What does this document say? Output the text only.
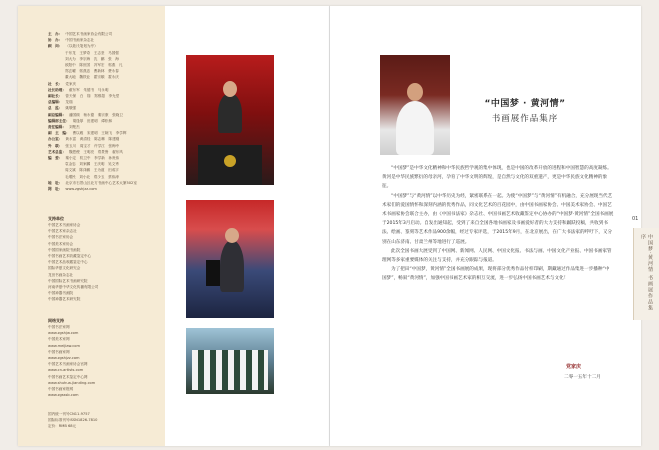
主　办： 中国艺术书画家协会有限公司
协　办： 中国书画家杂志社
顾　问： （以姓氏笔划为序）
于东龙　王梦奇　王志坚　马国强
刘大为　李宗海　沈　鹏　张　海
欧阳中　陈世国　冯军宏　郭燕　凡
郑玄曜　郭燕忠　曹新林　费永春
董大地　魏铁业　霍宗顺　霍永庆
社　长： 党家庆
社长助理： 翟东军　朱德书　马永明
副社长： 曾天保　白　翔　郑维超　李允堂
总编辑： 龙瑞
总　监： 姚敬强
副总编辑： 潘国顾　杨永德　秦宗康　张晓卫
编辑部主任： 胡逢厚　田建明　谭松林
责任编辑： 刘楚杰
副　主　编： 曹以雅　宋建明　王婉飞　李学辉
办公室： 黄永富　黄清桂　陈志琳　陈建刚
外　联： 张玉川　周宝才　许学江　张梅中
艺术总监： 魏恩俊　王明亮　郑景鲁　翟东风
编　委： 秦小定　杭卫中　李学新　孙贵伟
袁金忠　刘家麟　王庆明　吴文秀
周文斌　陈泽鹏　王为道　田成宇
毛增民　刘小北　郑少玉　蔡伟涛
地　址： 北京市石景山区北方书画中心艺术大厦502室
网　址： www.zgshjzz.com
支持单位
中国艺术书画家协会
中国艺术家杂志社
中国书法家协会
中国美术家协会
中国国家画院书画院
中国书画艺术收藏鉴定中心
中国艺术品收藏鉴定中心
国际华夏文化研究会
龙田书画杂志社
中国国际艺术书画研究院
河南华夏中华文化传播有限公司
中国神器书画院
中国神器艺术研究院
网络支持
中国书法家网
www.zgshjw.com
中国美术家网
www.meijiaw.com
中国书画家网
www.zgshjzz.com
中国艺术书画家协会官网
www.cn-artists.com
中国书画艺术鉴定中心网
www.shuhua-jianding.com
中国书画家报网
www.zgsssb.com
国内统一刊号CN11-9757
国际标准刊号ISSN1826-7810
定价：RMB 68元
“中国梦 · 黄河情”
书画展作品集序

“中国梦”是中华文化精神和中华民族哲学观的集中体现，也是中国的改革开放的进程和中国智慧的高度凝练。黄河是中华民族繁衍的母亲河，孕育了中华文明的辉煌，是自然与文化的双重遗产，更是中华民族文化精神的象征。

“中国梦”与“黄河情”以中华历史为经，紧密联系在一起。为使“中国梦”与“黄河情”有机融合，充分展现当代艺术家们的爱国情怀和深刻内涵的优秀作品，同文化艺术的百花园中，由中国书画家协会、中国美术家协会、中国艺术书画家协会联合主办，由《中国书法家》杂志社、中国书画艺术收藏鉴定中心协办的“中国梦·黄河情”全国书画展于2015年3月启动。自发出通知起，受到了来自全国各地书画家及书画爱好者的大力支持和踊跃投稿，共收到书法、绘画、篆刻等艺术作品900余幅，经过专家评选，于2015年9月，在北京展出，在广大书法家的呼吁下，又分别在山东济南、甘肃兰州等地进行了巡展。

此次全国书画大展受到了中国网、新闻网、人民网、中国文化报、书法与画、中国文化产业报、中国书画家管理网等多家重要媒体的关注与支持，并充分跟踪与报道。

为了把田“中国梦，黄河情”全国书画展的成果，现将部分优秀作品付梓印刷，期藏通过作品集进一步播种“中国梦”，畅叙“黄河情”，加强中国书画艺术家的相互交流，进一步弘扬中国书画艺术与文化！

党家庆
二零一五年十二月
01
中国梦·黄河情 书画展作品集序
